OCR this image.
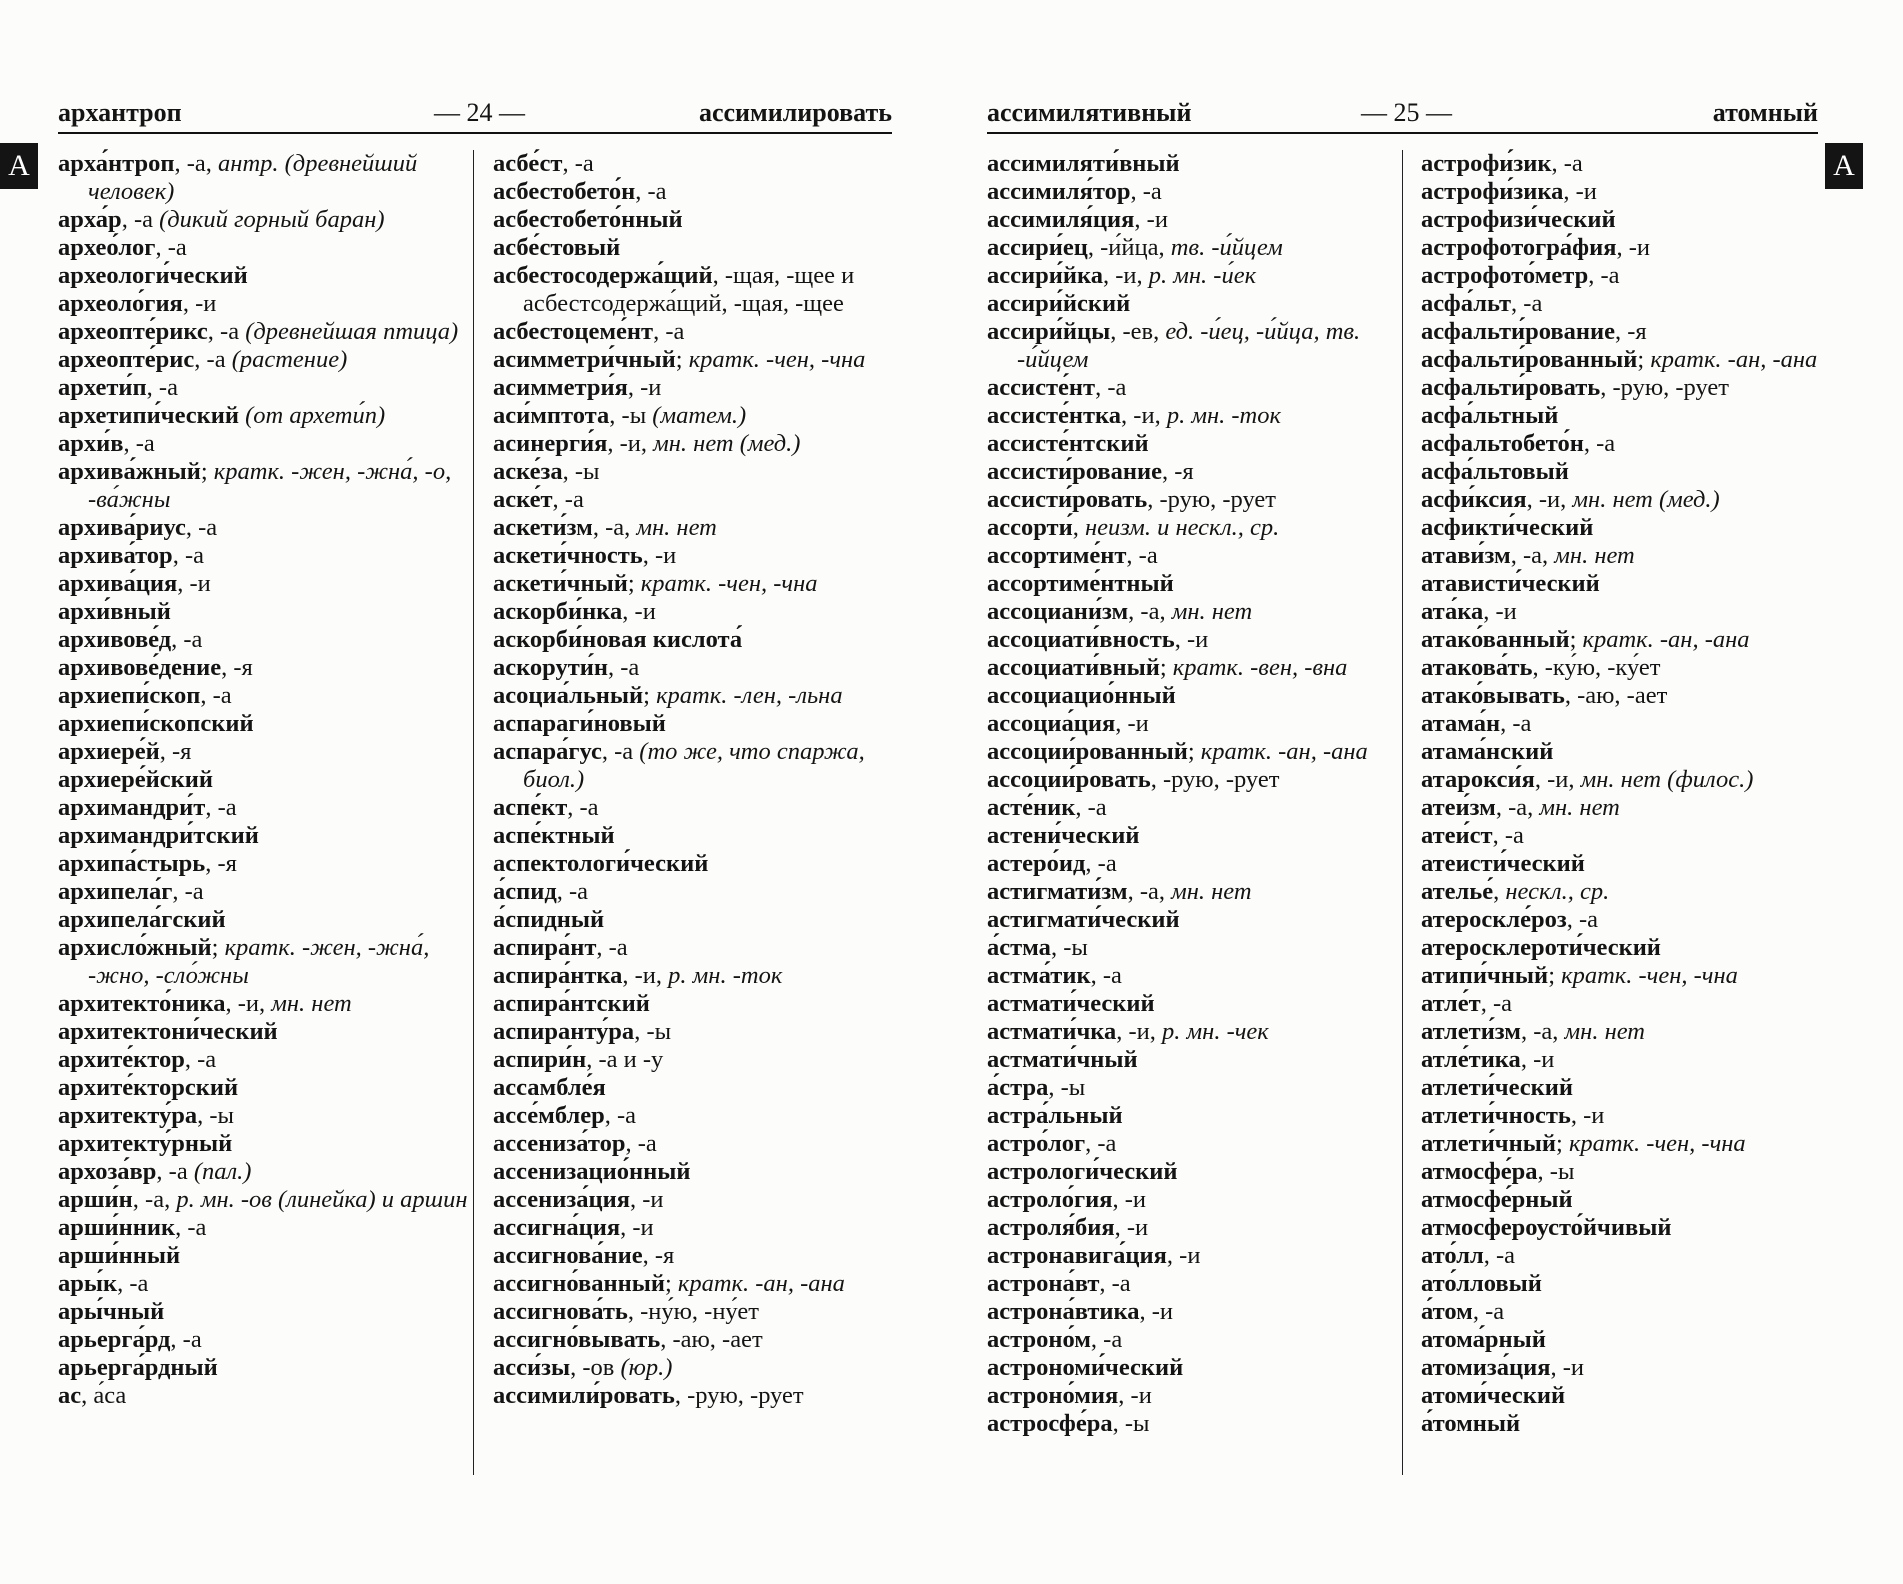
А
архантроп	— 24 —	ассимилировать
арха́нтроп, -а, антр. (древнейший человек)
арха́р, -а (дикий горный баран)
архео́лог, -а
археологи́ческий
археоло́гия, -и
археопте́рикс, -а (древнейшая птица)
археопте́рис, -а (растение)
архети́п, -а
архетипи́ческий (от архети́п)
архи́в, -а
архива́жный; кратк. -жен, -жна́, -о, -ва́жны
архива́риус, -а
архива́тор, -а
архива́ция, -и
архи́вный
архивове́д, -а
архивове́дение, -я
архиепи́скоп, -а
архиепи́скопский
архиере́й, -я
архиере́йский
архимандри́т, -а
архимандри́тский
архипа́стырь, -я
архипела́г, -а
архипела́гский
архисло́жный; кратк. -жен, -жна́, -жно, -сло́жны
архитекто́ника, -и, мн. нет
архитектони́ческий
архите́ктор, -а
архите́кторский
архитекту́ра, -ы
архитекту́рный
архоза́вр, -а (пал.)
арши́н, -а, р. мн. -ов (линейка) и аршин
арши́нник, -а
арши́нный
ары́к, -а
ары́чный
арьерга́рд, -а
арьерга́рдный
ас, а́са
асбе́ст, -а
асбестобето́н, -а
асбестобето́нный
асбе́стовый
асбестосодержа́щий, -щая, -щее и асбестсодержа́щий, -щая, -щее
асбестоцеме́нт, -а
асимметри́чный; кратк. -чен, -чна
асимметри́я, -и
аси́мптота, -ы (матем.)
асинерги́я, -и, мн. нет (мед.)
аске́за, -ы
аске́т, -а
аскети́зм, -а, мн. нет
аскети́чность, -и
аскети́чный; кратк. -чен, -чна
аскорби́нка, -и
аскорби́новая кислота́
аскорути́н, -а
асоциа́льный; кратк. -лен, -льна
аспараги́новый
аспара́гус, -а (то же, что спаржа, биол.)
аспе́кт, -а
аспе́ктный
аспектологи́ческий
а́спид, -а
а́спидный
аспира́нт, -а
аспира́нтка, -и, р. мн. -ток
аспира́нтский
аспиранту́ра, -ы
аспири́н, -а и -у
ассамбле́я
ассе́мблер, -а
ассениза́тор, -а
ассенизацио́нный
ассениза́ция, -и
ассигна́ция, -и
ассигнова́ние, -я
ассигно́ванный; кратк. -ан, -ана
ассигнова́ть, -ну́ю, -ну́ет
ассигно́вывать, -аю, -ает
асси́зы, -ов (юр.)
ассимили́ровать, -рую, -рует
ассимилятивный	— 25 —	атомный
ассимиляти́вный
ассимиля́тор, -а
ассимиля́ция, -и
ассири́ец, -и́йца, тв. -и́йцем
ассири́йка, -и, р. мн. -и́ек
ассири́йский
ассири́йцы, -ев, ед. -и́ец, -и́йца, тв. -и́йцем
ассисте́нт, -а
ассисте́нтка, -и, р. мн. -ток
ассисте́нтский
ассисти́рование, -я
ассисти́ровать, -рую, -рует
ассорти́, неизм. и нескл., ср.
ассортиме́нт, -а
ассортиме́нтный
ассоциани́зм, -а, мн. нет
ассоциати́вность, -и
ассоциати́вный; кратк. -вен, -вна
ассоциацио́нный
ассоциа́ция, -и
ассоции́рованный; кратк. -ан, -ана
ассоции́ровать, -рую, -рует
асте́ник, -а
астени́ческий
астеро́ид, -а
астигмати́зм, -а, мн. нет
астигмати́ческий
а́стма, -ы
астма́тик, -а
астмати́ческий
астмати́чка, -и, р. мн. -чек
астмати́чный
а́стра, -ы
астра́льный
астро́лог, -а
астрологи́ческий
астроло́гия, -и
астроля́бия, -и
астронавига́ция, -и
астрона́вт, -а
астрона́втика, -и
астроно́м, -а
астрономи́ческий
астроно́мия, -и
астросфе́ра, -ы
астрофи́зик, -а
астрофи́зика, -и
астрофизи́ческий
астрофотогра́фия, -и
астрофото́метр, -а
асфа́льт, -а
асфальти́рование, -я
асфальти́рованный; кратк. -ан, -ана
асфальти́ровать, -рую, -рует
асфа́льтный
асфальтобето́н, -а
асфа́льтовый
асфи́ксия, -и, мн. нет (мед.)
асфикти́ческий
атави́зм, -а, мн. нет
атависти́ческий
ата́ка, -и
атако́ванный; кратк. -ан, -ана
атакова́ть, -ку́ю, -ку́ет
атако́вывать, -аю, -ает
атама́н, -а
атама́нский
атарокси́я, -и, мн. нет (филос.)
атеи́зм, -а, мн. нет
атеи́ст, -а
атеисти́ческий
ателье́, нескл., ср.
атероскле́роз, -а
атеросклероти́ческий
атипи́чный; кратк. -чен, -чна
атле́т, -а
атлети́зм, -а, мн. нет
атле́тика, -и
атлети́ческий
атлети́чность, -и
атлети́чный; кратк. -чен, -чна
атмосфе́ра, -ы
атмосфе́рный
атмосфероусто́йчивый
ато́лл, -а
ато́лловый
а́том, -а
атома́рный
атомиза́ция, -и
атоми́ческий
а́томный
А
